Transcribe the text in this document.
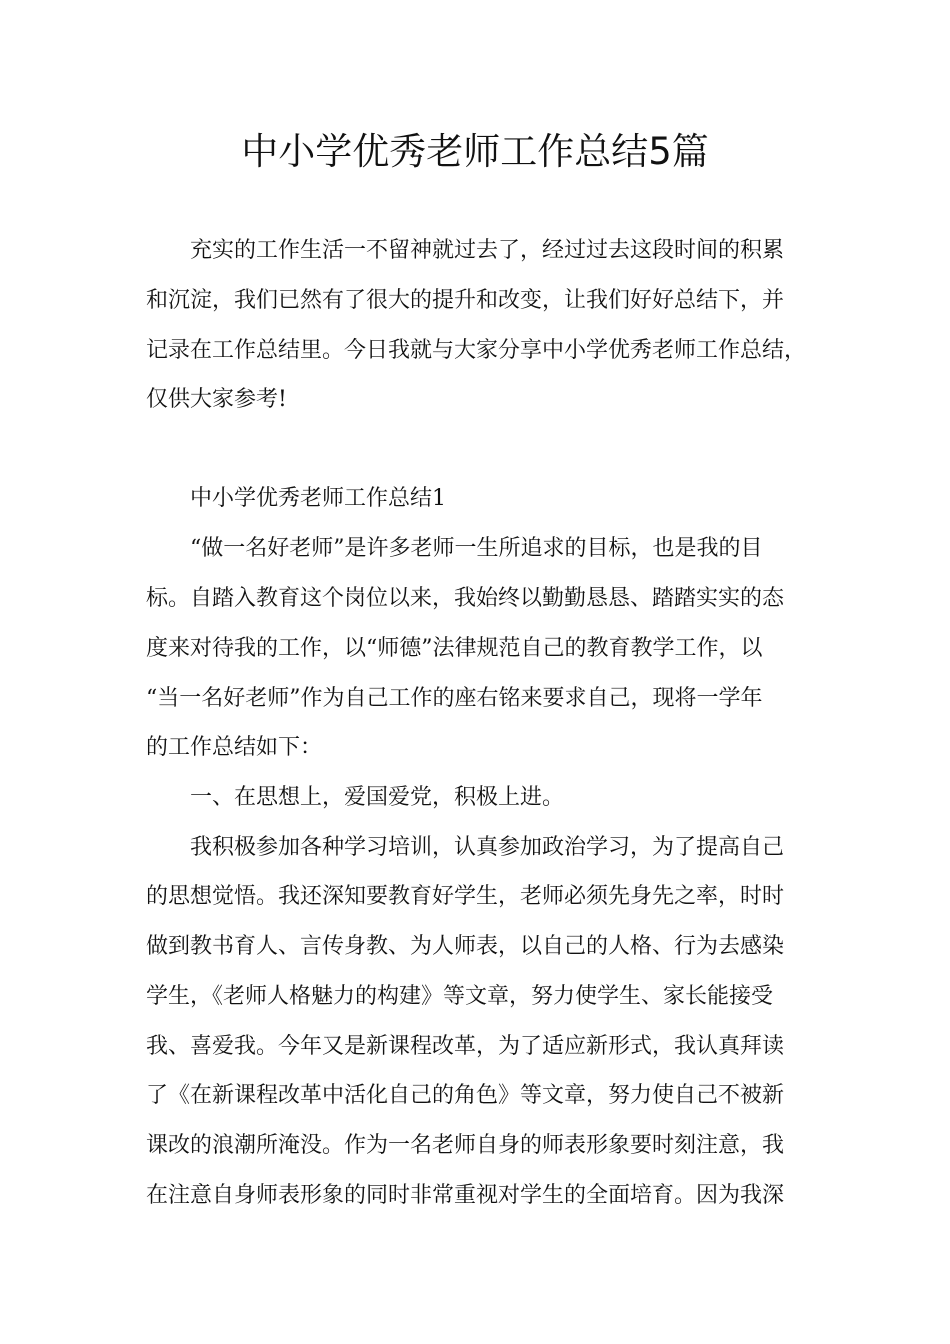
中小学优秀老师工作总结5篇
充实的工作生活一不留神就过去了，经过过去这段时间的积累
和沉淀，我们已然有了很大的提升和改变，让我们好好总结下，并
记录在工作总结里。今日我就与大家分享中小学优秀老师工作总结，
仅供大家参考!
中小学优秀老师工作总结1
“做一名好老师”是许多老师一生所追求的目标，也是我的目
标。自踏入教育这个岗位以来，我始终以勤勤恳恳、踏踏实实的态
度来对待我的工作，以“师德”法律规范自己的教育教学工作，以
“当一名好老师”作为自己工作的座右铭来要求自己，现将一学年
的工作总结如下：
一、在思想上，爱国爱党，积极上进。
我积极参加各种学习培训，认真参加政治学习，为了提高自己
的思想觉悟。我还深知要教育好学生，老师必须先身先之率，时时
做到教书育人、言传身教、为人师表，以自己的人格、行为去感染
学生，《老师人格魅力的构建》等文章，努力使学生、家长能接受
我、喜爱我。今年又是新课程改革，为了适应新形式，我认真拜读
了《在新课程改革中活化自己的角色》等文章，努力使自己不被新
课改的浪潮所淹没。作为一名老师自身的师表形象要时刻注意，我
在注意自身师表形象的同时非常重视对学生的全面培育。因为我深
